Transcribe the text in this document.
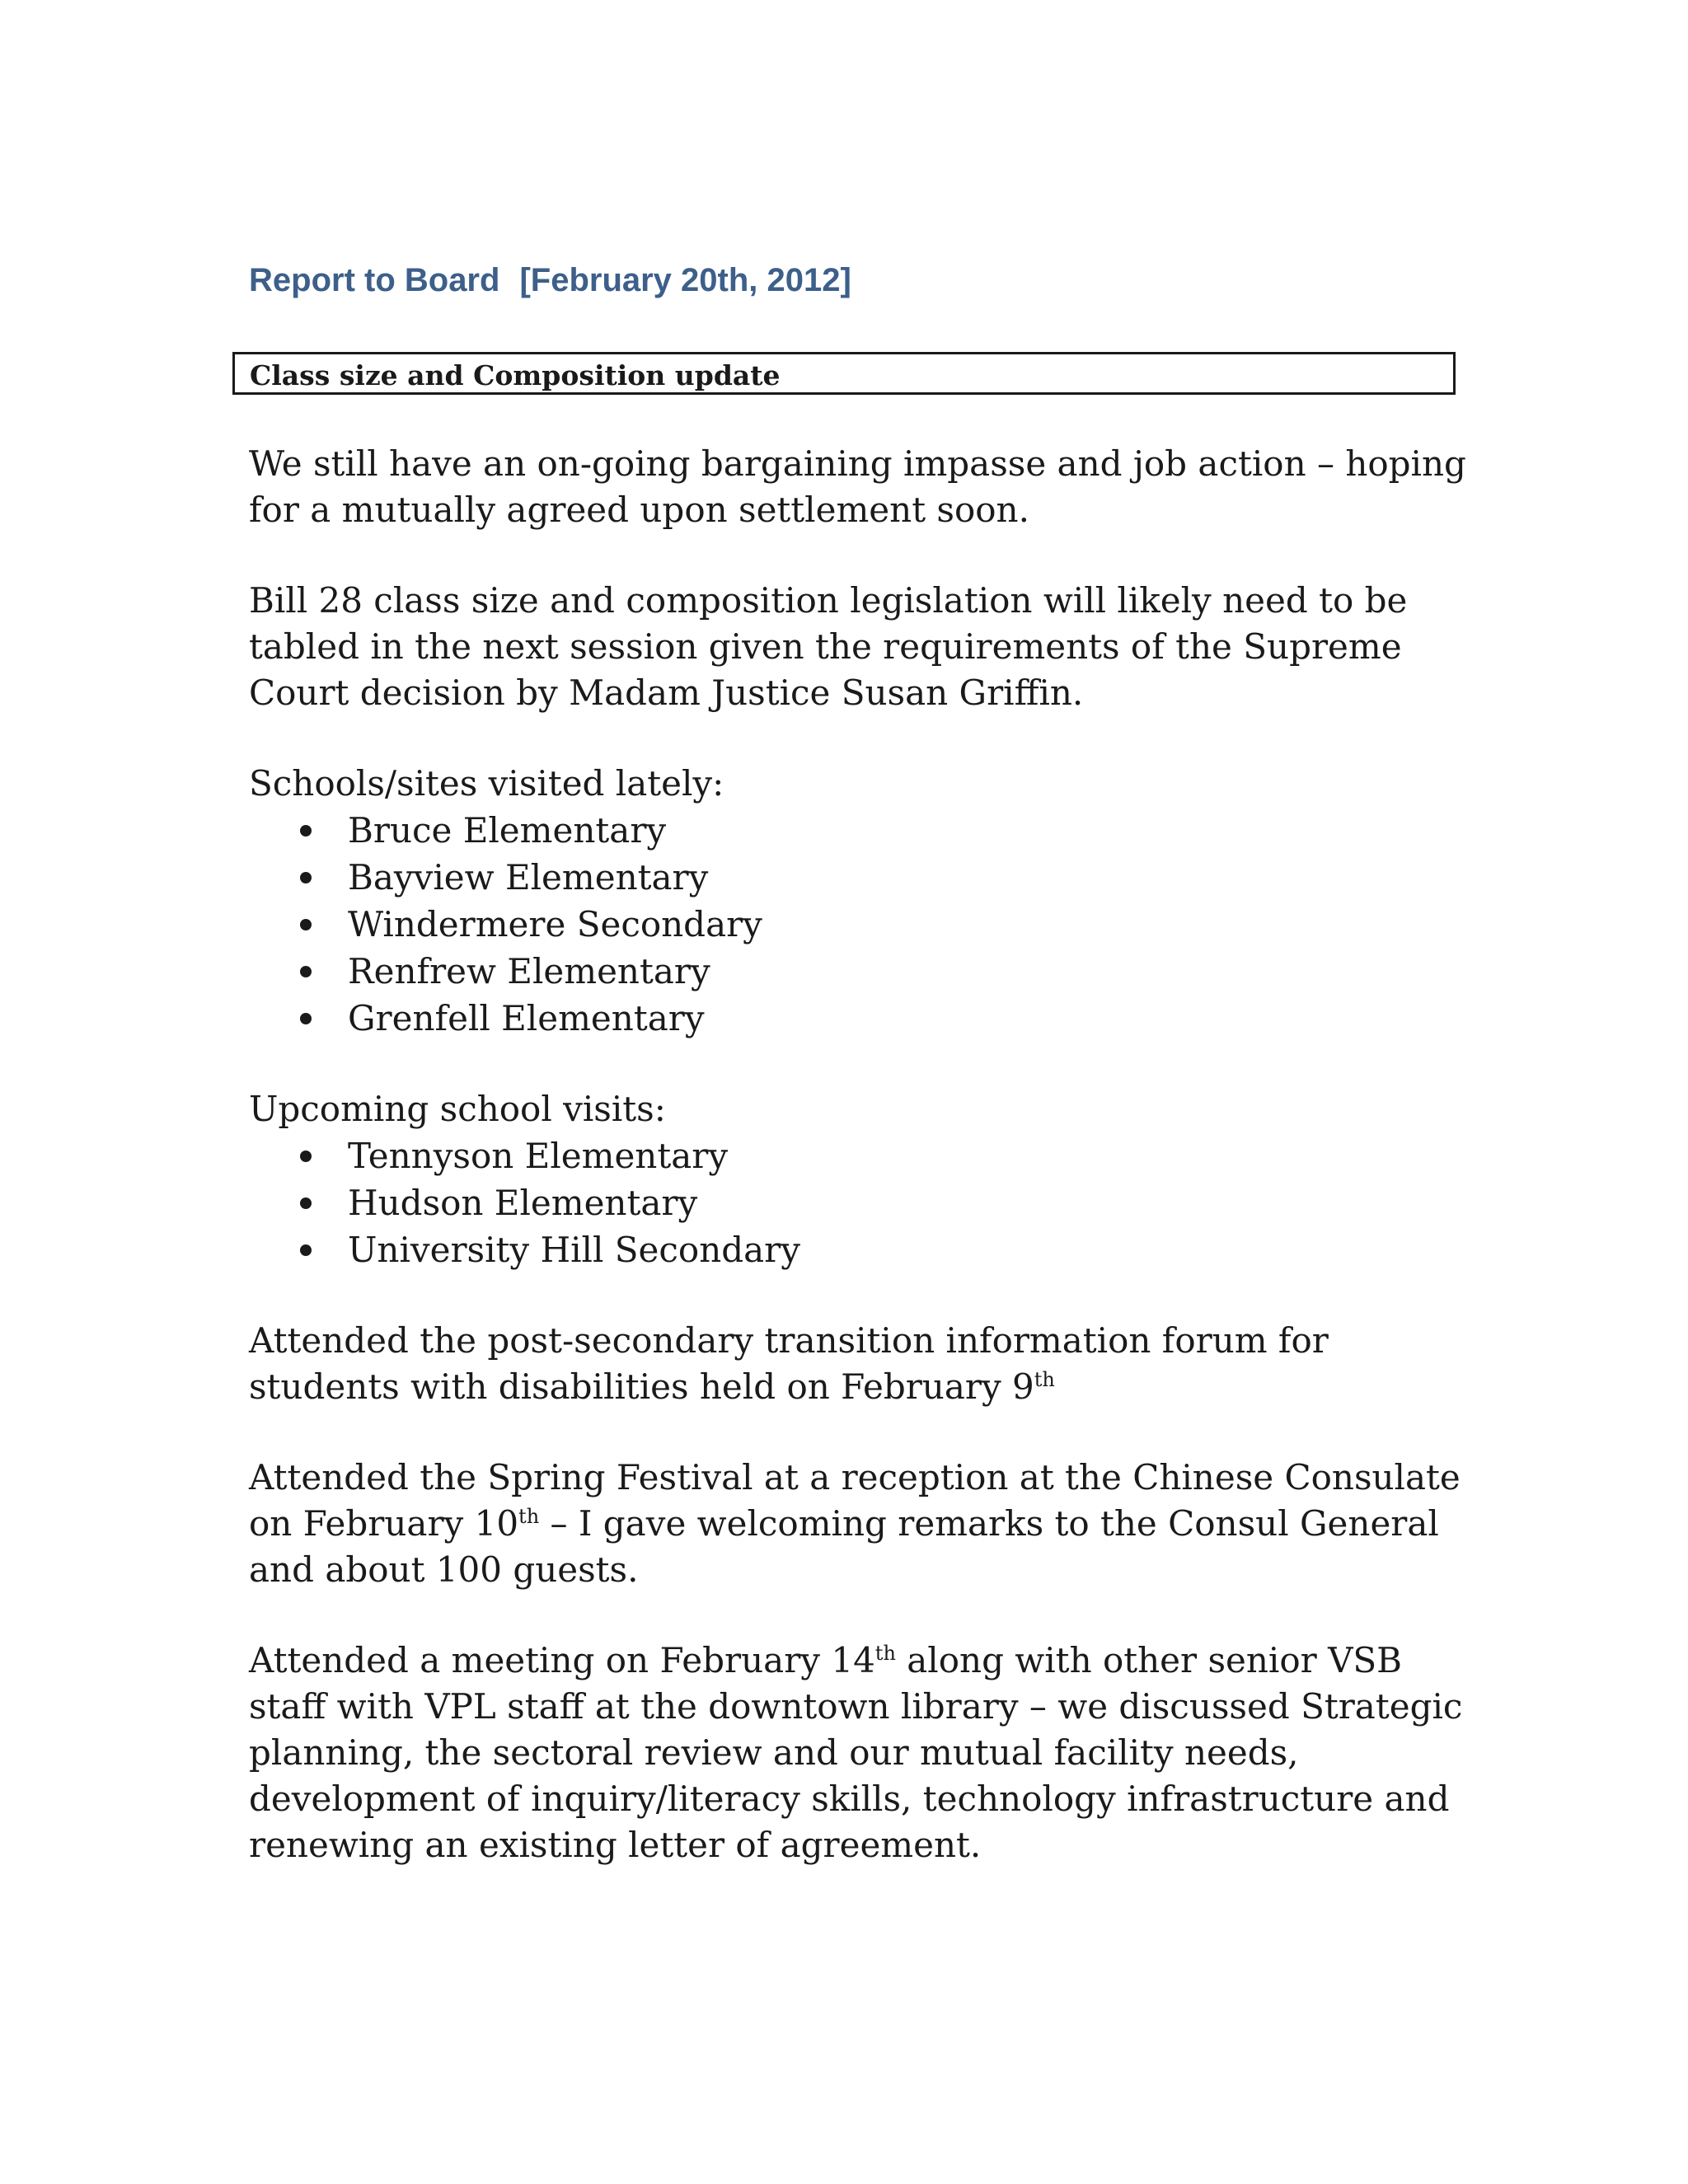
Report to Board [February 20th, 2012]
Class size and Composition update

We still have an on-going bargaining impasse and job action – hoping for a mutually agreed upon settlement soon.

Bill 28 class size and composition legislation will likely need to be tabled in the next session given the requirements of the Supreme Court decision by Madam Justice Susan Griffin.

Schools/sites visited lately:

Bruce Elementary
Bayview Elementary
Windermere Secondary
Renfrew Elementary
Grenfell Elementary

Upcoming school visits:

Tennyson Elementary
Hudson Elementary
University Hill Secondary

Attended the post-secondary transition information forum for students with disabilities held on February 9th

Attended the Spring Festival at a reception at the Chinese Consulate on February 10th – I gave welcoming remarks to the Consul General and about 100 guests.

Attended a meeting on February 14th along with other senior VSB staff with VPL staff at the downtown library – we discussed Strategic planning, the sectoral review and our mutual facility needs, development of inquiry/literacy skills, technology infrastructure and renewing an existing letter of agreement.
